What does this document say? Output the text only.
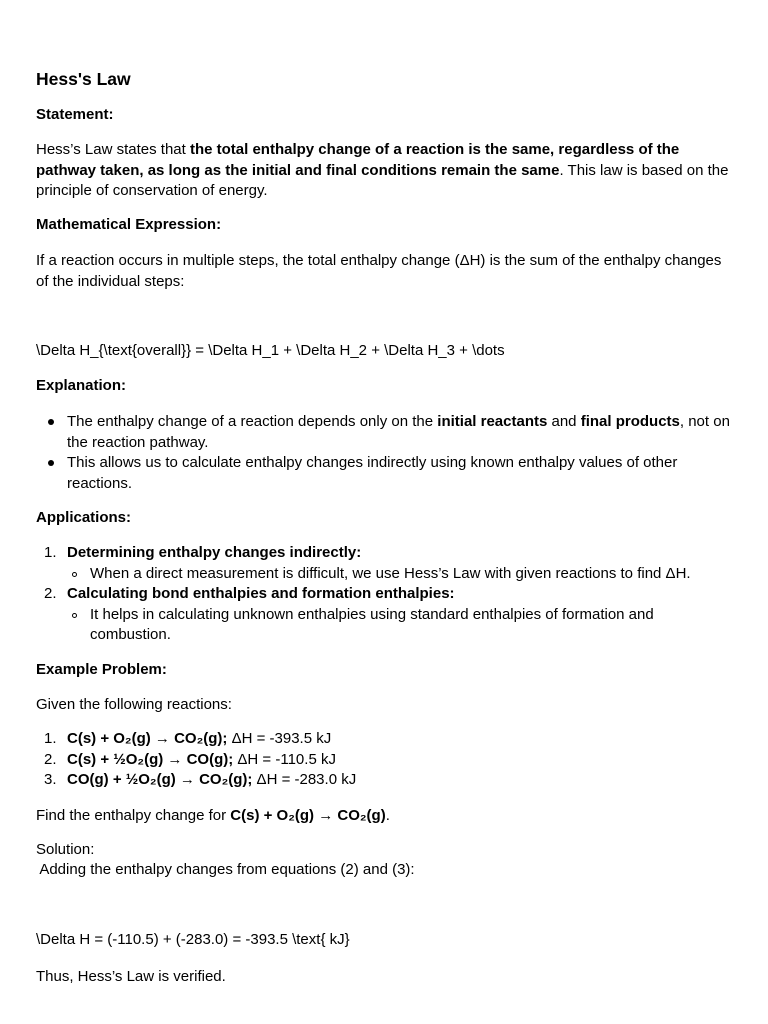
Hess's Law

Statement:

Hess’s Law states that the total enthalpy change of a reaction is the same, regardless of the pathway taken, as long as the initial and final conditions remain the same. This law is based on the principle of conservation of energy.

Mathematical Expression:

If a reaction occurs in multiple steps, the total enthalpy change (ΔH) is the sum of the enthalpy changes of the individual steps:

\Delta H_{\text{overall}} = \Delta H_1 + \Delta H_2 + \Delta H_3 + \dots

Explanation:

The enthalpy change of a reaction depends only on the initial reactants and final products, not on the reaction pathway.
This allows us to calculate enthalpy changes indirectly using known enthalpy values of other reactions.

Applications:

1. Determining enthalpy changes indirectly:
When a direct measurement is difficult, we use Hess’s Law with given reactions to find ΔH.
2. Calculating bond enthalpies and formation enthalpies:
It helps in calculating unknown enthalpies using standard enthalpies of formation and combustion.

Example Problem:

Given the following reactions:

1. C(s) + O₂(g) → CO₂(g); ΔH = -393.5 kJ
2. C(s) + ½O₂(g) → CO(g); ΔH = -110.5 kJ
3. CO(g) + ½O₂(g) → CO₂(g); ΔH = -283.0 kJ

Find the enthalpy change for C(s) + O₂(g) → CO₂(g).

Solution:

Adding the enthalpy changes from equations (2) and (3):

\Delta H = (-110.5) + (-283.0) = -393.5 \text{ kJ}

Thus, Hess’s Law is verified.
